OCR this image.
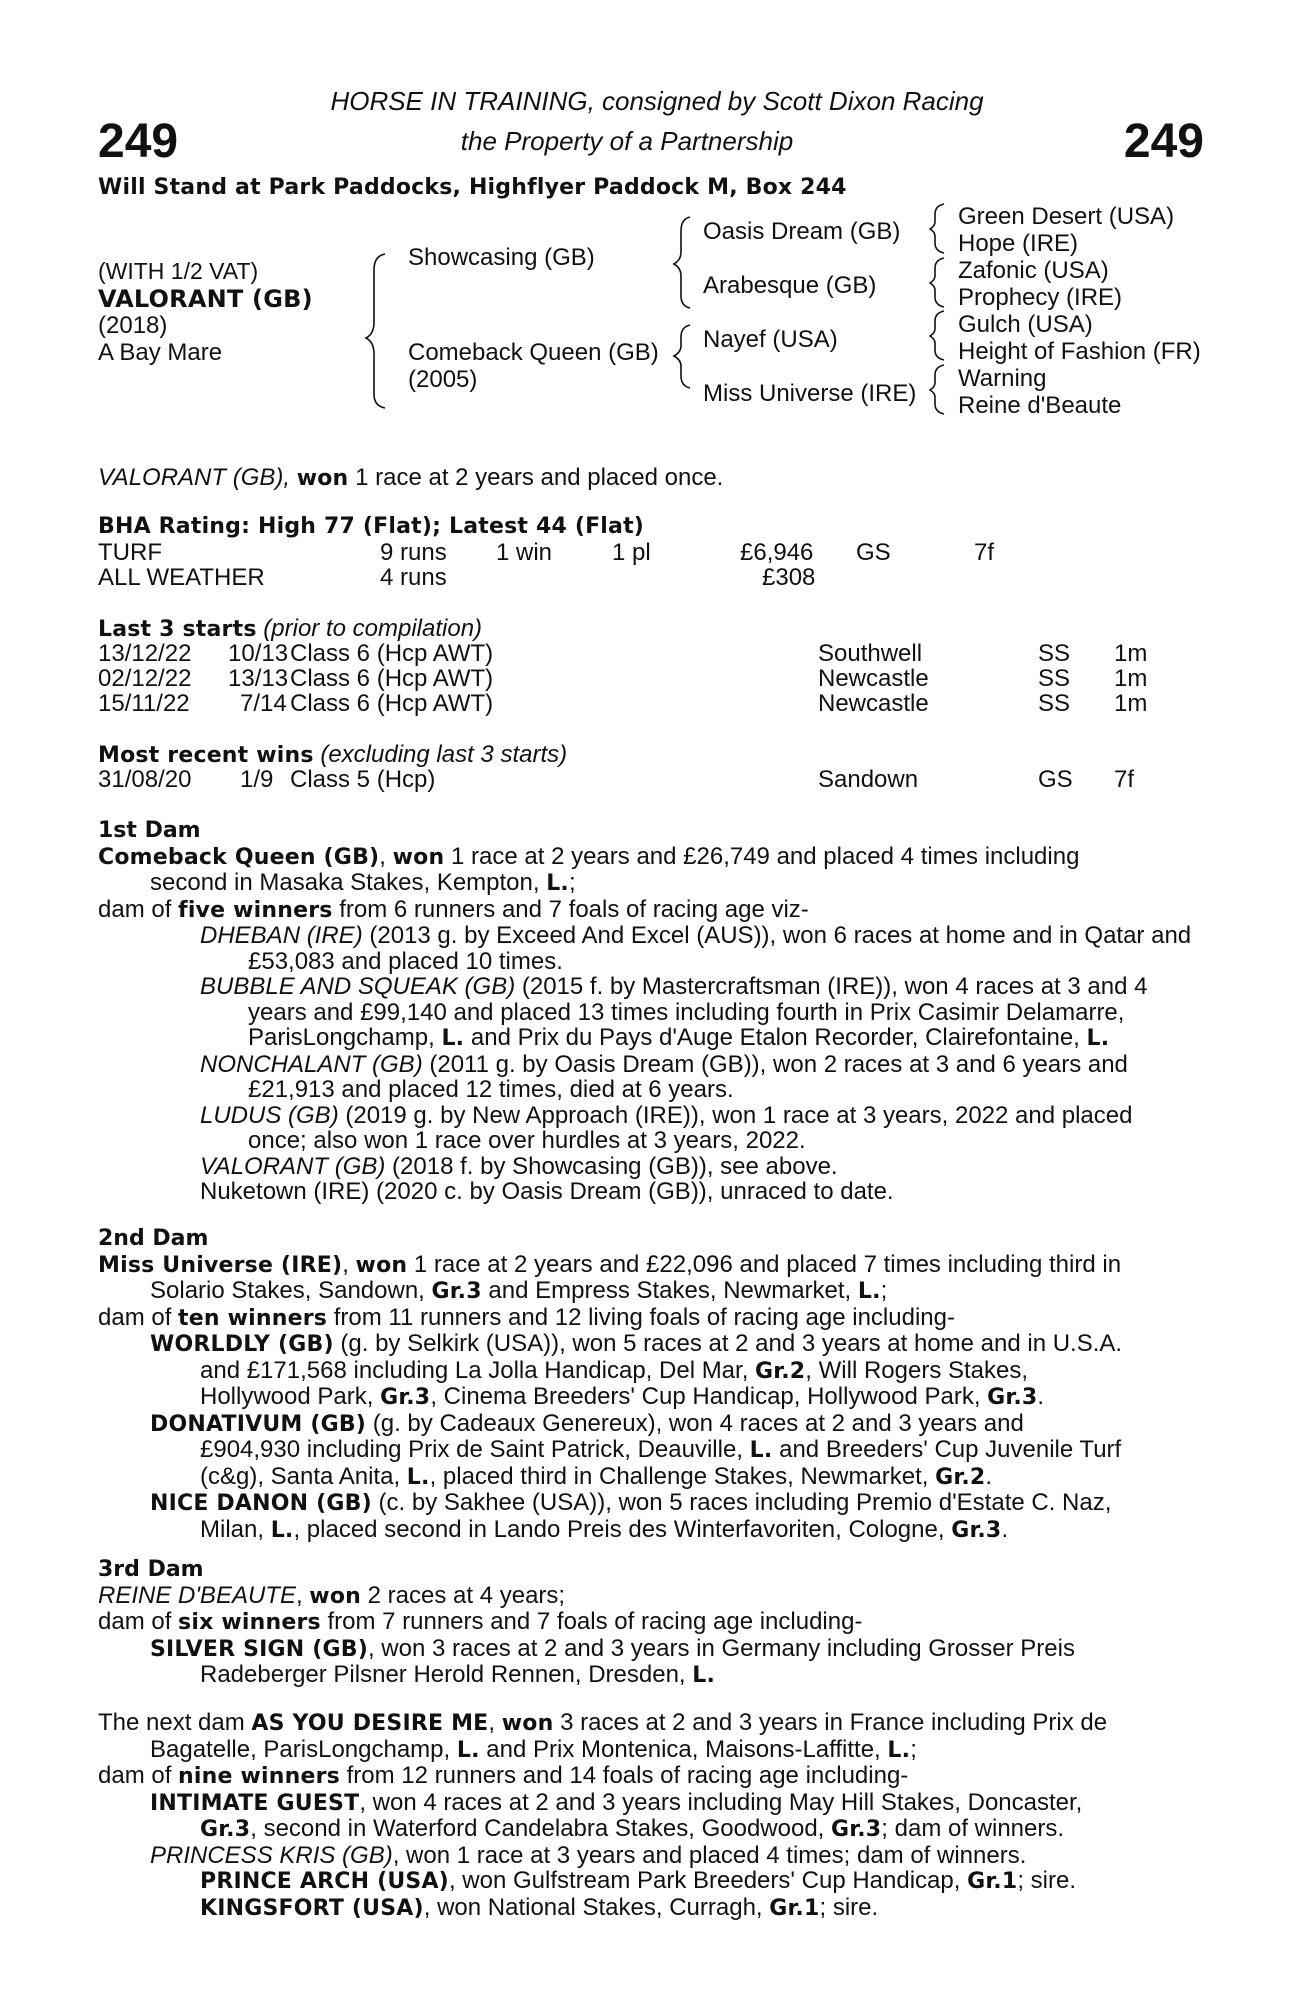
249	249
HORSE IN TRAINING, consigned by Scott Dixon Racing
the Property of a Partnership
Will Stand at Park Paddocks, Highflyer Paddock M, Box 244
(WITH 1/2 VAT)
VALORANT (GB)
(2018)
A Bay Mare
Showcasing (GB)
Comeback Queen (GB)
(2005)
Oasis Dream (GB)
Arabesque (GB)
Nayef (USA)
Miss Universe (IRE)
Green Desert (USA)
Hope (IRE)
Zafonic (USA)
Prophecy (IRE)
Gulch (USA)
Height of Fashion (FR)
Warning
Reine d'Beaute
VALORANT (GB), won 1 race at 2 years and placed once.
BHA Rating: High 77 (Flat); Latest 44 (Flat)
TURF	9 runs 1 win 1 pl	£6,946 GS	7f
ALL WEATHER	4 runs	£308
Last 3 starts (prior to compilation)
13/12/22 10/13 Class 6 (Hcp AWT)	Southwell	SS 1m
02/12/22 13/13 Class 6 (Hcp AWT)	Newcastle	SS 1m
15/11/22 7/14 Class 6 (Hcp AWT)	Newcastle	SS 1m
Most recent wins (excluding last 3 starts)
31/08/20 1/9 Class 5 (Hcp)	Sandown	GS 7f
1st Dam
Comeback Queen (GB), won 1 race at 2 years and £26,749 and placed 4 times including
second in Masaka Stakes, Kempton, L.;
dam of five winners from 6 runners and 7 foals of racing age viz-
DHEBAN (IRE) (2013 g. by Exceed And Excel (AUS)), won 6 races at home and in Qatar and
£53,083 and placed 10 times.
BUBBLE AND SQUEAK (GB) (2015 f. by Mastercraftsman (IRE)), won 4 races at 3 and 4
years and £99,140 and placed 13 times including fourth in Prix Casimir Delamarre,
ParisLongchamp, L. and Prix du Pays d'Auge Etalon Recorder, Clairefontaine, L.
NONCHALANT (GB) (2011 g. by Oasis Dream (GB)), won 2 races at 3 and 6 years and
£21,913 and placed 12 times, died at 6 years.
LUDUS (GB) (2019 g. by New Approach (IRE)), won 1 race at 3 years, 2022 and placed
once; also won 1 race over hurdles at 3 years, 2022.
VALORANT (GB) (2018 f. by Showcasing (GB)), see above.
Nuketown (IRE) (2020 c. by Oasis Dream (GB)), unraced to date.
2nd Dam
Miss Universe (IRE), won 1 race at 2 years and £22,096 and placed 7 times including third in
Solario Stakes, Sandown, Gr.3 and Empress Stakes, Newmarket, L.;
dam of ten winners from 11 runners and 12 living foals of racing age including-
WORLDLY (GB) (g. by Selkirk (USA)), won 5 races at 2 and 3 years at home and in U.S.A.
and £171,568 including La Jolla Handicap, Del Mar, Gr.2, Will Rogers Stakes,
Hollywood Park, Gr.3, Cinema Breeders' Cup Handicap, Hollywood Park, Gr.3.
DONATIVUM (GB) (g. by Cadeaux Genereux), won 4 races at 2 and 3 years and
£904,930 including Prix de Saint Patrick, Deauville, L. and Breeders' Cup Juvenile Turf
(c&g), Santa Anita, L., placed third in Challenge Stakes, Newmarket, Gr.2.
NICE DANON (GB) (c. by Sakhee (USA)), won 5 races including Premio d'Estate C. Naz,
Milan, L., placed second in Lando Preis des Winterfavoriten, Cologne, Gr.3.
3rd Dam
REINE D'BEAUTE, won 2 races at 4 years;
dam of six winners from 7 runners and 7 foals of racing age including-
SILVER SIGN (GB), won 3 races at 2 and 3 years in Germany including Grosser Preis
Radeberger Pilsner Herold Rennen, Dresden, L.
The next dam AS YOU DESIRE ME, won 3 races at 2 and 3 years in France including Prix de
Bagatelle, ParisLongchamp, L. and Prix Montenica, Maisons-Laffitte, L.;
dam of nine winners from 12 runners and 14 foals of racing age including-
INTIMATE GUEST, won 4 races at 2 and 3 years including May Hill Stakes, Doncaster,
Gr.3, second in Waterford Candelabra Stakes, Goodwood, Gr.3; dam of winners.
PRINCESS KRIS (GB), won 1 race at 3 years and placed 4 times; dam of winners.
PRINCE ARCH (USA), won Gulfstream Park Breeders' Cup Handicap, Gr.1; sire.
KINGSFORT (USA), won National Stakes, Curragh, Gr.1; sire.
